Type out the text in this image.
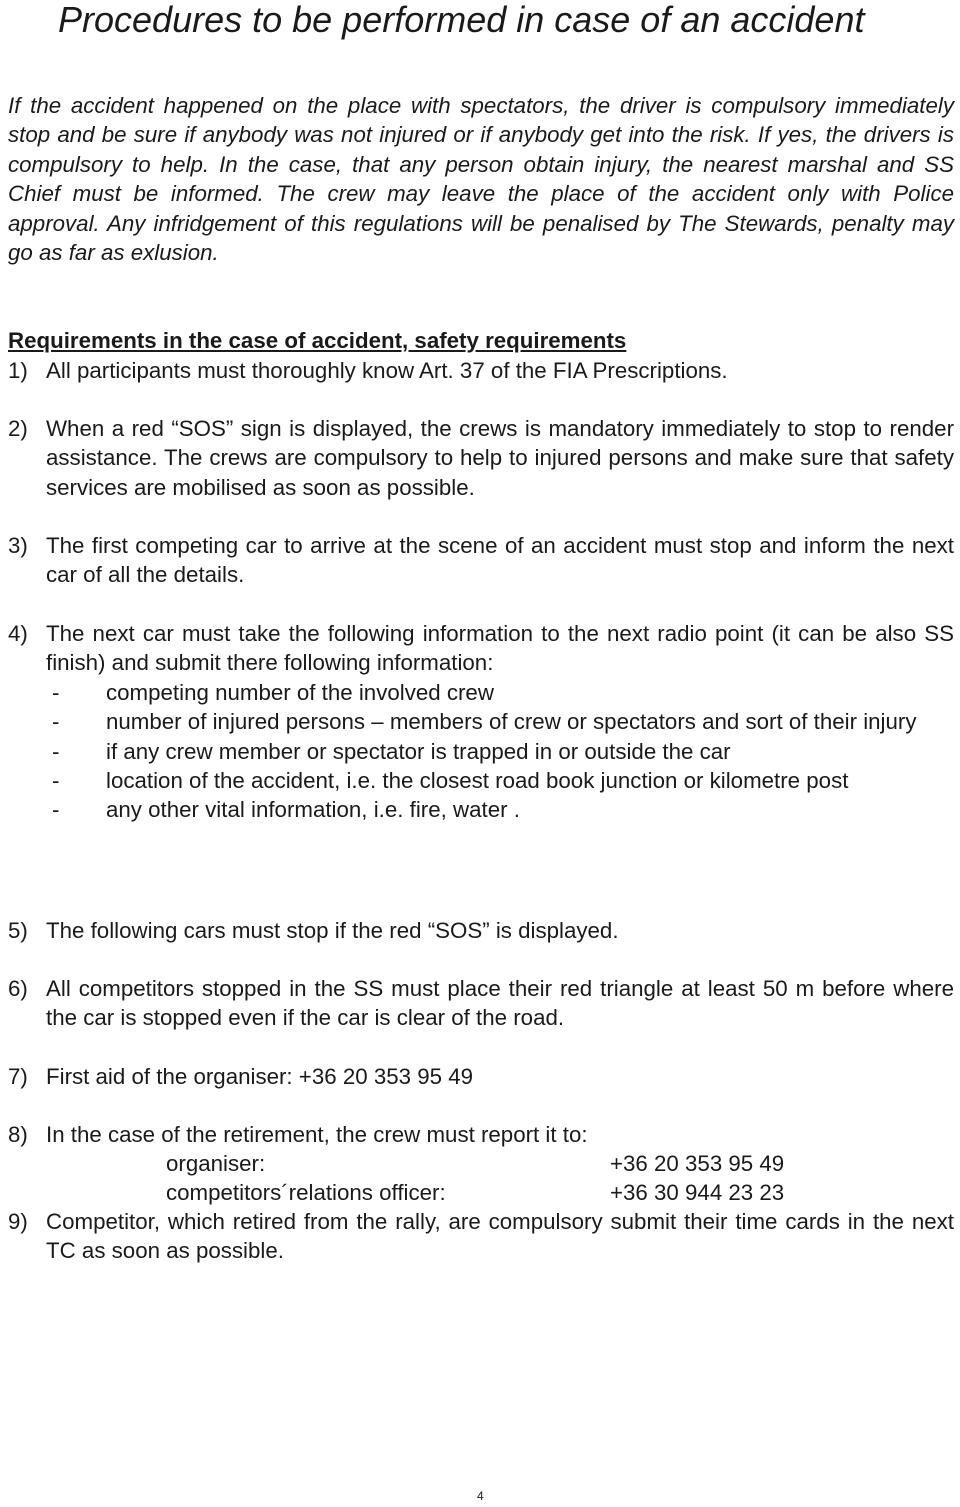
Procedures to be performed in case of an accident
If the accident happened on the place with spectators, the driver is compulsory immediately stop and be sure if anybody was not injured or if anybody get into the risk. If yes, the drivers is compulsory to help. In the case, that any person obtain injury, the nearest marshal and SS Chief must be informed. The crew may leave the place of the accident only with Police approval. Any infridgement of this regulations will be penalised by The Stewards, penalty may go as far as exlusion.
Requirements in the case of accident, safety requirements
1) All participants must thoroughly know Art. 37 of the FIA Prescriptions.
2) When a red “SOS” sign is displayed, the crews is mandatory immediately to stop to render assistance. The crews are compulsory to help to injured persons and make sure that safety services are mobilised as soon as possible.
3) The first competing car to arrive at the scene of an accident must stop and inform the next car of all the details.
4) The next car must take the following information to the next radio point (it can be also SS finish) and submit there following information:
- competing number of the involved crew
- number of injured persons – members of crew or spectators and sort of their injury
- if any crew member or spectator is trapped in or outside the car
- location of the accident, i.e. the closest road book junction or kilometre post
- any other vital information, i.e. fire, water .
5) The following cars must stop if the red “SOS” is displayed.
6) All competitors stopped in the SS must place their red triangle at least 50 m before where the car is stopped even if the car is clear of the road.
7) First aid of the organiser: +36 20 353 95 49
8) In the case of the retirement, the crew must report it to:
organiser:	+36 20 353 95 49
competitors´relations officer:	+36 30 944 23 23
9) Competitor, which retired from the rally, are compulsory submit their time cards in the next TC as soon as possible.
4
